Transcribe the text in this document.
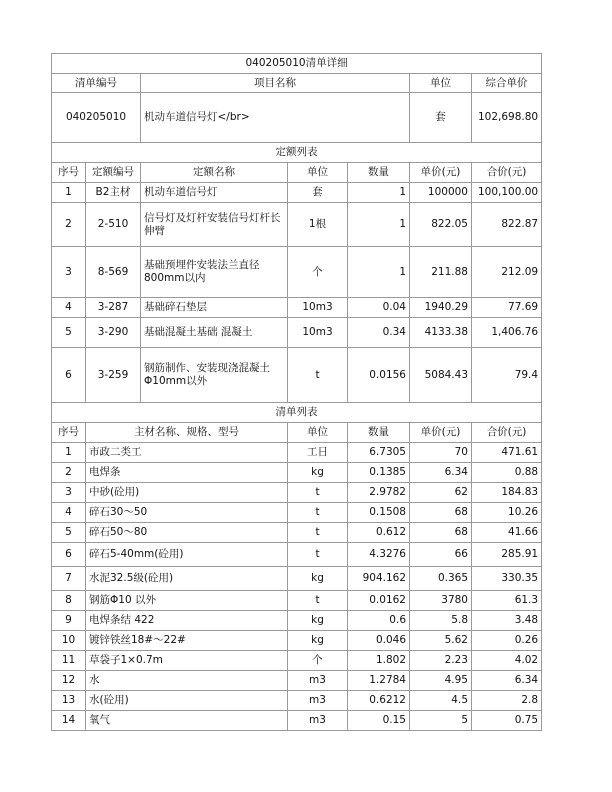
040205010清单详细						
清单编号		项目名称			单位	综合单价
040205010		机动车道信号灯</br>			套	102,698.80
定额列表						
序号	定额编号	定额名称	单位	数量	单价(元)	合价(元)
1	B2主材	机动车道信号灯	套	1	100000	100,100.00
2	2-510	信号灯及灯杆安装信号灯杆长伸臂	1根	1	822.05	822.87
3	8-569	基础预埋件安装法兰直径800mm以内	个	1	211.88	212.09
4	3-287	基础碎石垫层	10m3	0.04	1940.29	77.69
5	3-290	基础混凝土基础 混凝土	10m3	0.34	4133.38	1,406.76
6	3-259	钢筋制作、安装现浇混凝土Φ10mm以外	t	0.0156	5084.43	79.4
清单列表						
序号	主材名称、规格、型号		单位	数量	单价(元)	合价(元)
1	市政二类工		工日	6.7305	70	471.61
2	电焊条		kg	0.1385	6.34	0.88
3	中砂(砼用)		t	2.9782	62	184.83
4	碎石30～50		t	0.1508	68	10.26
5	碎石50～80		t	0.612	68	41.66
6	碎石5-40mm(砼用)		t	4.3276	66	285.91
7	水泥32.5级(砼用)		kg	904.162	0.365	330.35
8	钢筋Φ10 以外		t	0.0162	3780	61.3
9	电焊条结 422		kg	0.6	5.8	3.48
10	镀锌铁丝18#～22#		kg	0.046	5.62	0.26
11	草袋子1×0.7m		个	1.802	2.23	4.02
12	水		m3	1.2784	4.95	6.34
13	水(砼用)		m3	0.6212	4.5	2.8
14	氧气		m3	0.15	5	0.75
